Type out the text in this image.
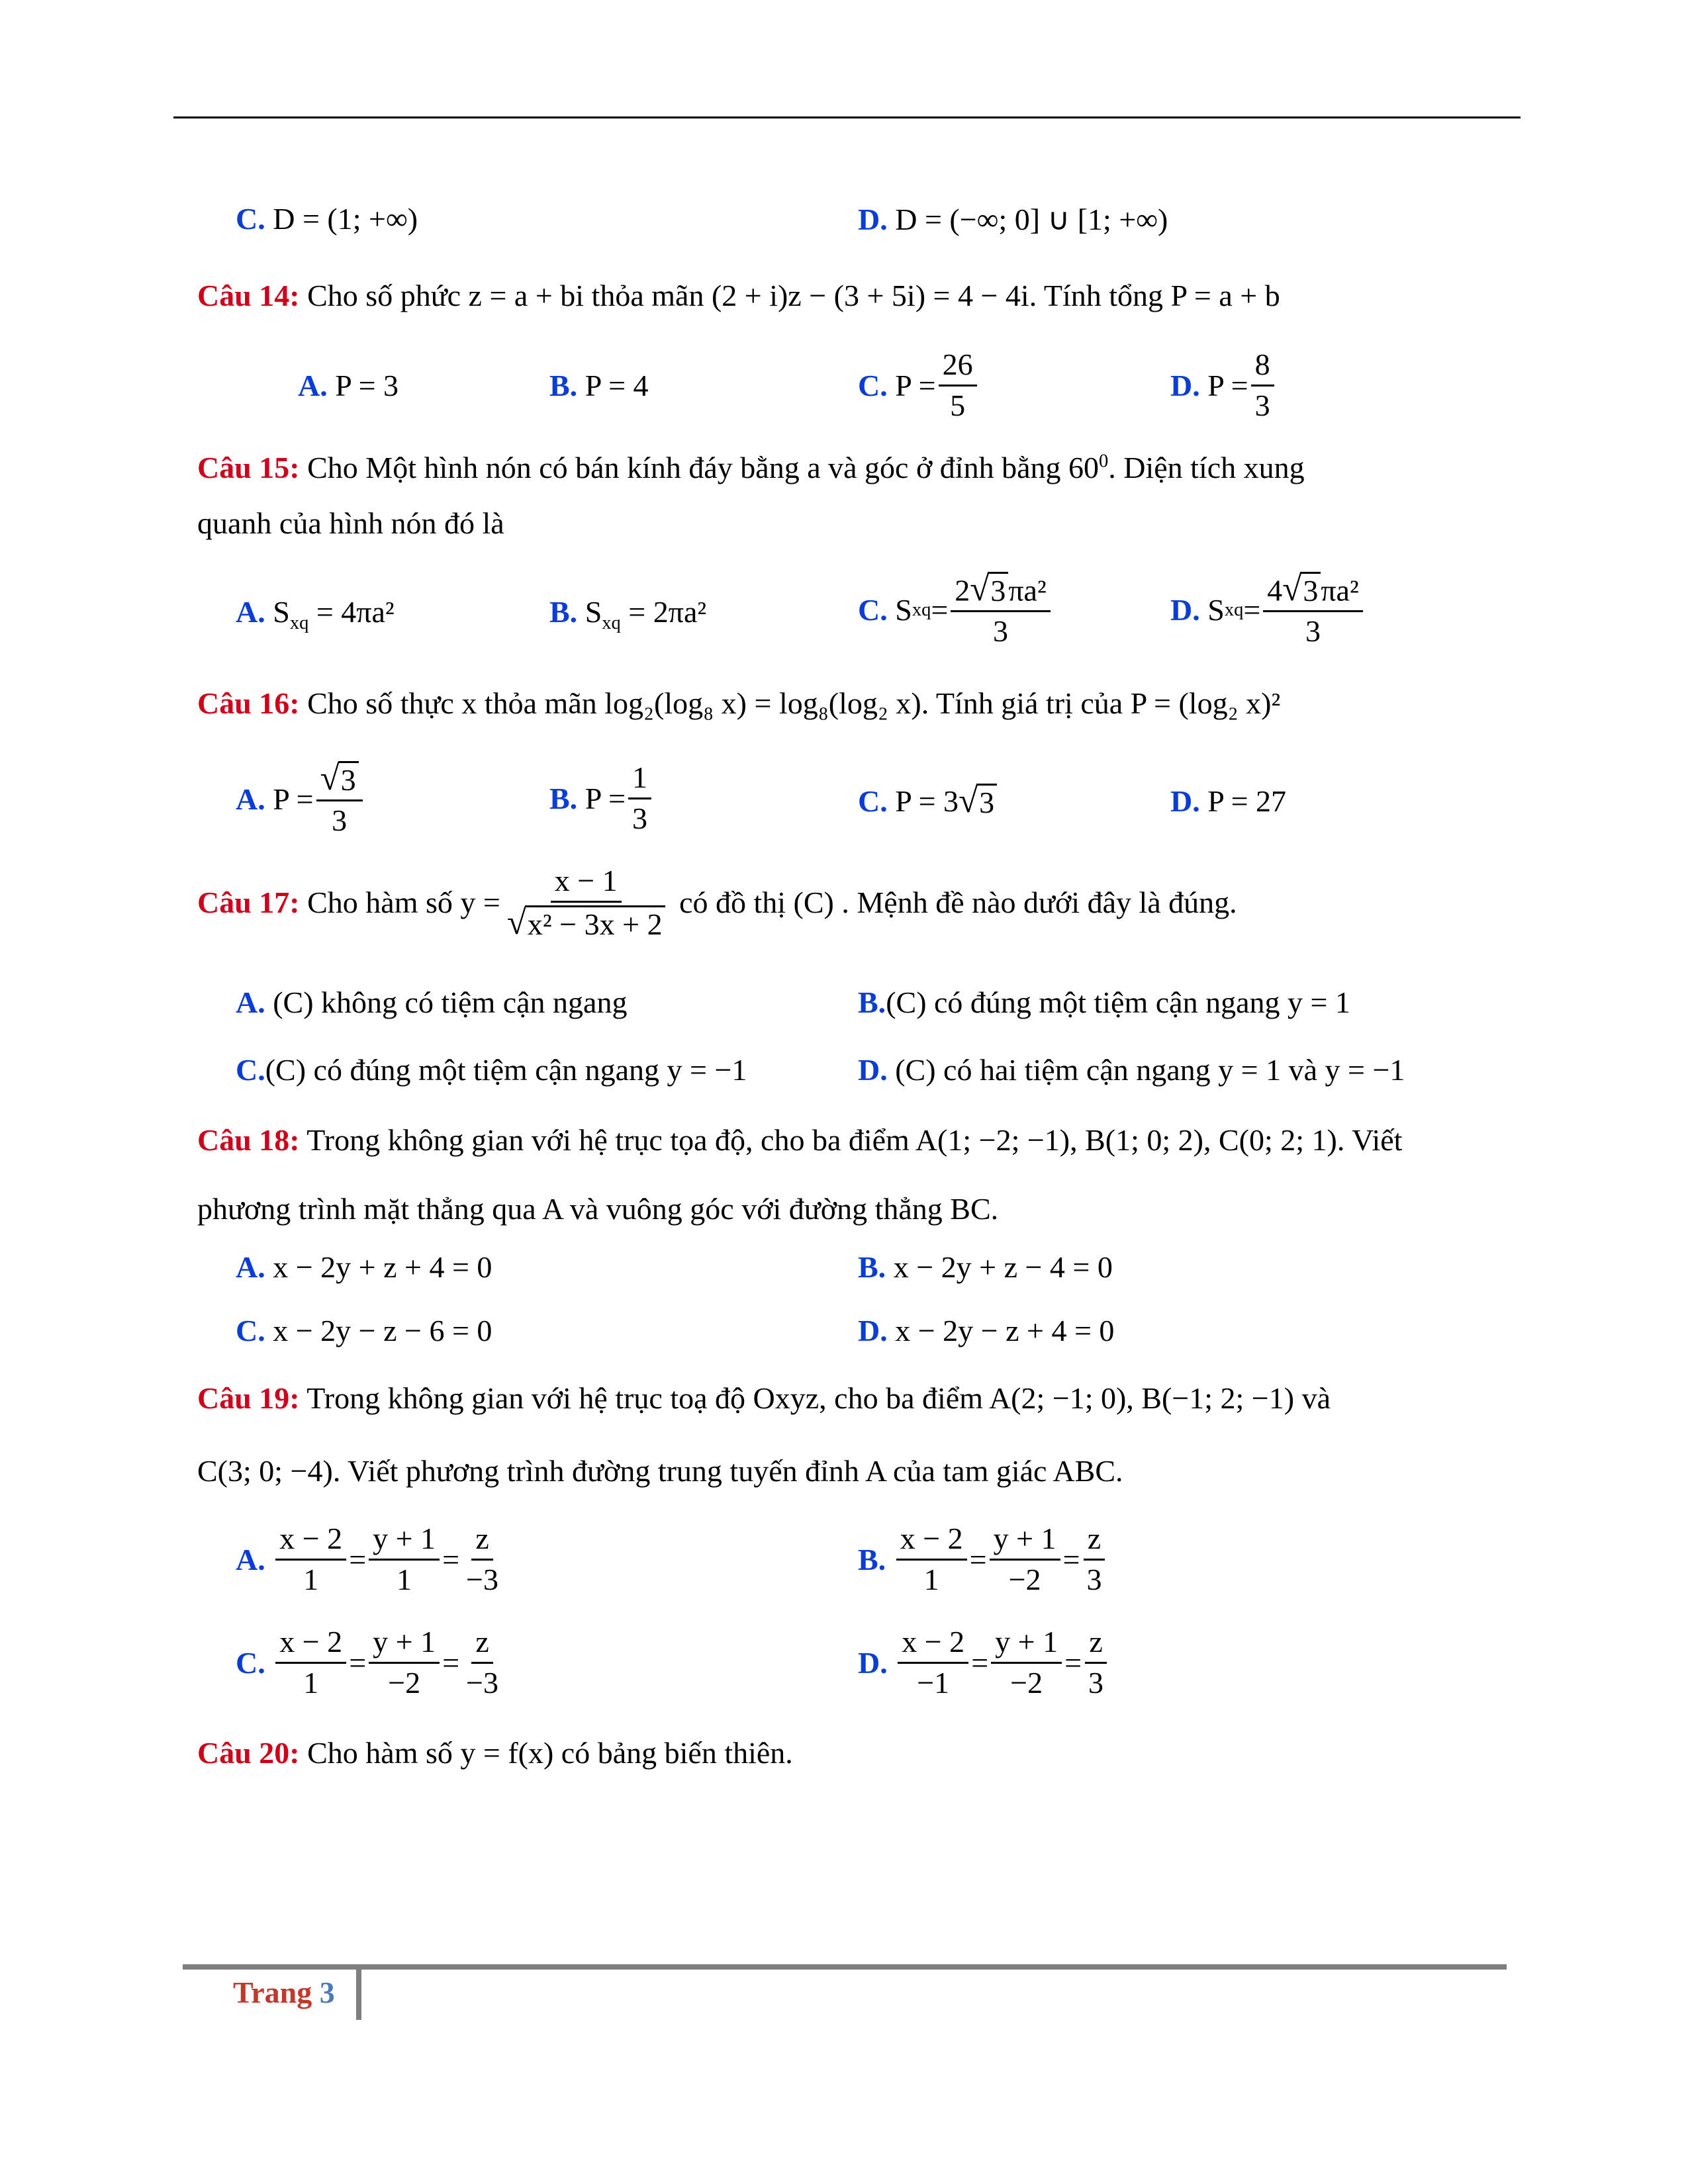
C. D = (1; +∞)	D. D = (−∞; 0] ∪ [1; +∞)
Câu 14: Cho số phức z = a + bi thỏa mãn (2 + i)z − (3 + 5i) = 4 − 4i. Tính tổng P = a + b
A. P = 3	B. P = 4	C.
$P = \frac{26}{5}$	D.
$P = \frac{8}{3}$
Câu 15: Cho Một hình nón có bán kính đáy bằng a và góc ở đỉnh bằng $60^0$. Diện tích xung
quanh của hình nón đó là
A. $S_{xq} = 4\pi a^2$	B. $S_{xq} = 2\pi a^2$	C.
S xq = $\frac{\text{2 √ 3 πa²}}{3}$	D.
S xq = $\frac{\text{4 √ 3 πa²}}{3}$
Câu 16: Cho số thực x thỏa mãn log₂(log₈ x) = log₈(log₂ x). Tính giá trị của P = (log₂ x)²
A.
$P = \frac{√ 3}{3}$	B.
$P = \frac{1}{3}$	C.
P = 3 √ 3	D. P = 27
Câu 17:
Cho hàm số $y = \frac{x - 1}{\text{√ x² − 3x + 2}}$
có đồ thị (C) . Mệnh đề nào dưới đây là đúng.
A. (C) không có tiệm cận ngang	B.(C) có đúng một tiệm cận ngang y = 1
C.(C) có đúng một tiệm cận ngang y = −1	D. (C) có hai tiệm cận ngang y = 1 và y = −1
Câu 18: Trong không gian với hệ trục tọa độ, cho ba điểm A(1; −2; −1), B(1; 0; 2), C(0; 2; 1). Viết
phương trình mặt thẳng qua A và vuông góc với đường thẳng BC.
A. x − 2y + z + 4 = 0	B. x − 2y + z − 4 = 0
C. x − 2y − z − 6 = 0	D. x − 2y − z + 4 = 0
Câu 19: Trong không gian với hệ trục toạ độ Oxyz, cho ba điểm A(2; −1; 0), B(−1; 2; −1) và
C(3; 0; −4). Viết phương trình đường trung tuyến đỉnh A của tam giác ABC.
A.
$\frac{x - 2}{1} = \frac{y + 1}{1} = \frac{z}{-3}$	B.
$\frac{x - 2}{1} = \frac{y + 1}{-2} = \frac{z}{3}$
C.
$\frac{x - 2}{1} = \frac{y + 1}{-2} = \frac{z}{-3}$	D.
$\frac{x - 2}{-1} = \frac{y + 1}{-2} = \frac{z}{3}$
Câu 20: Cho hàm số y = f(x) có bảng biến thiên.
Trang 3
